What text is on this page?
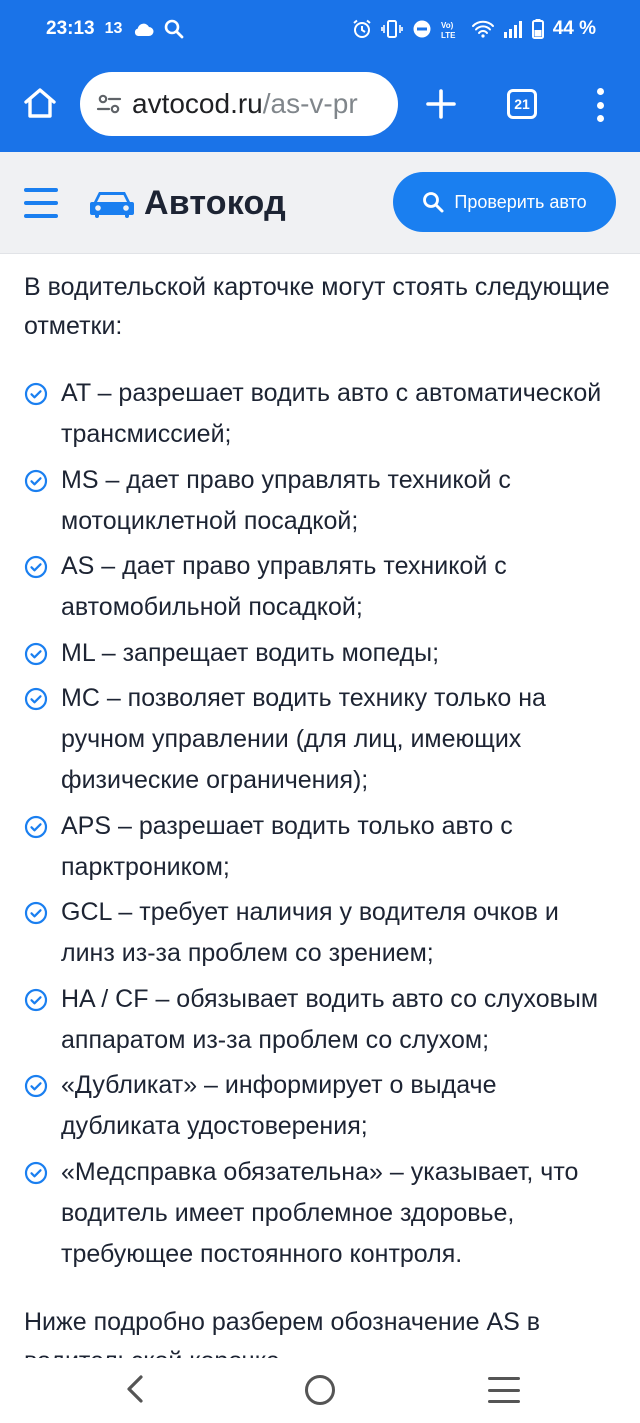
23:13 13	Vo)
LTE	44 %
avtocod.ru/as-v-pr	21
Автокод	Проверить авто

В водительской карточке могут стоять следующие отметки:

AT – разрешает водить авто с автоматической трансмиссией;
MS – дает право управлять техникой с мотоциклетной посадкой;
AS – дает право управлять техникой с автомобильной посадкой;
ML – запрещает водить мопеды;
MC – позволяет водить технику только на ручном управлении (для лиц, имеющих физические ограничения);
APS – разрешает водить только авто с парктроником;
GCL – требует наличия у водителя очков и линз из-за проблем со зрением;
HA / CF – обязывает водить авто со слуховым аппаратом из-за проблем со слухом;
«Дубликат» – информирует о выдаче дубликата удостоверения;
«Медсправка обязательна» – указывает, что водитель имеет проблемное здоровье, требующее постоянного контроля.

Ниже подробно разберем обозначение AS в
